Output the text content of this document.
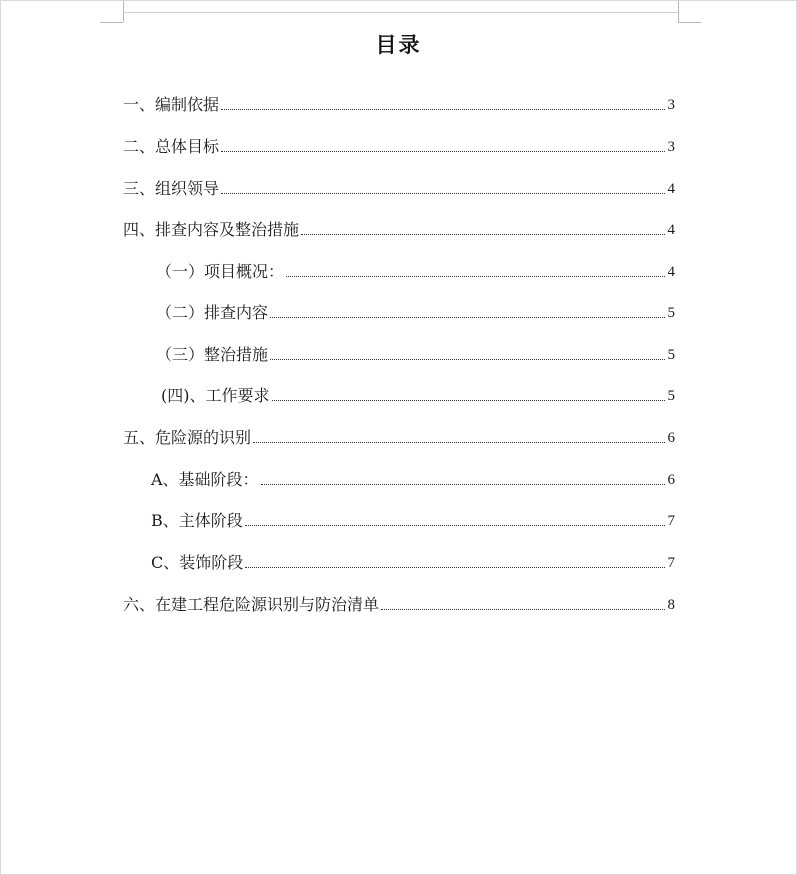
目录
一、编制依据	3
二、总体目标	3
三、组织领导	4
四、排查内容及整治措施	4
（一）项目概况：	4
（二）排查内容	5
（三）整治措施	5
(四)、工作要求	5
五、危险源的识别	6
A、基础阶段：	6
B、主体阶段	7
C、装饰阶段	7
六、在建工程危险源识别与防治清单	8
